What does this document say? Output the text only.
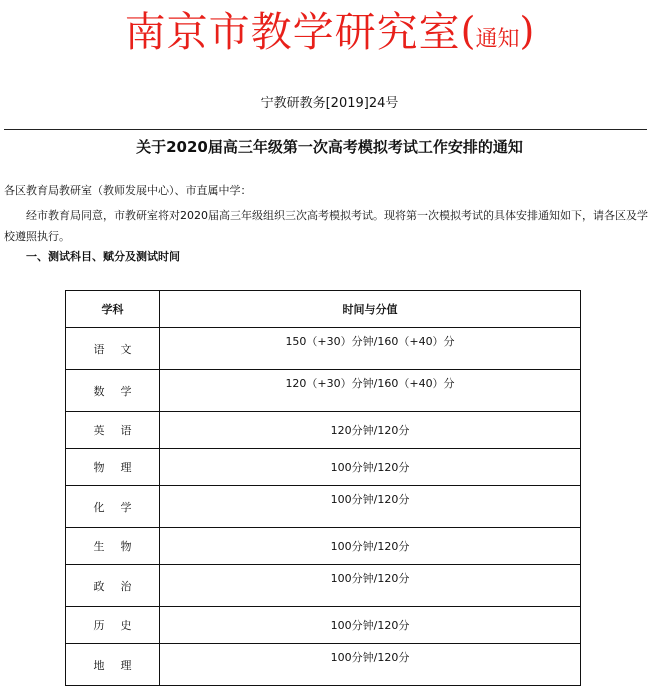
南京市教学研究室(通知)
宁教研教务[2019]24号
关于2020届高三年级第一次高考模拟考试工作安排的通知
各区教育局教研室（教师发展中心）、市直属中学：

经市教育局同意，市教研室将对2020届高三年级组织三次高考模拟考试。现将第一次模拟考试的具体安排通知如下，请各区及学校遵照执行。

一、测试科目、赋分及测试时间
学科	时间与分值
语文	150（+30）分钟/160（+40）分
数学	120（+30）分钟/160（+40）分
英语	120分钟/120分
物理	100分钟/120分
化学	100分钟/120分
生物	100分钟/120分
政治	100分钟/120分
历史	100分钟/120分
地理	100分钟/120分
